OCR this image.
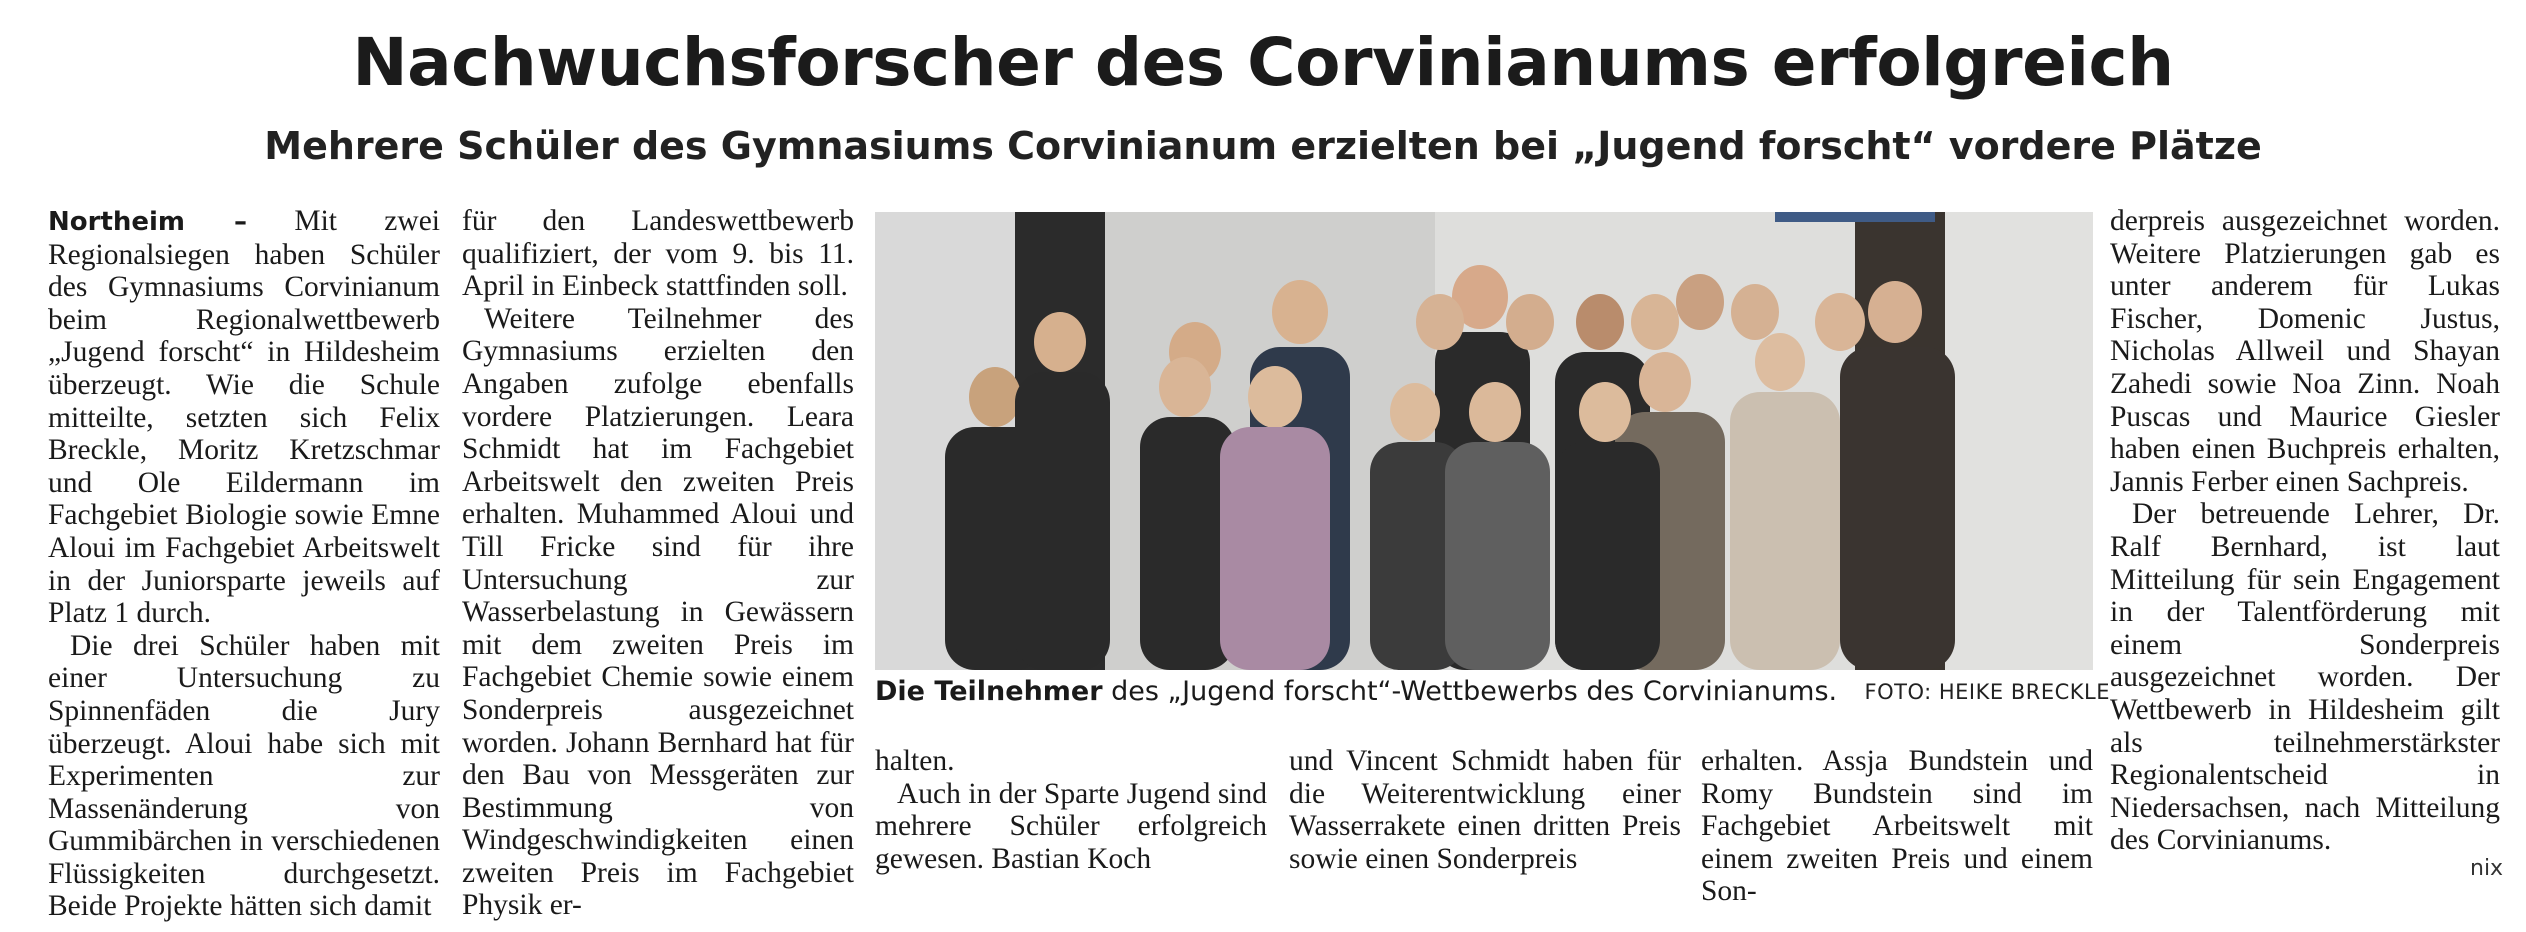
Nachwuchsforscher des Corvinianums erfolgreich
Mehrere Schüler des Gymnasiums Corvinianum erzielten bei „Jugend forscht“ vordere Plätze

Northeim – Mit zwei Regionalsiegen haben Schüler des Gymnasiums Corvinianum beim Regionalwettbewerb „Jugend forscht“ in Hildesheim überzeugt. Wie die Schule mitteilte, setzten sich Felix Breckle, Moritz Kretzschmar und Ole Eildermann im Fachgebiet Biologie sowie Emne Aloui im Fachgebiet Arbeitswelt in der Juniorsparte jeweils auf Platz 1 durch.

Die drei Schüler haben mit einer Untersuchung zu Spinnenfäden die Jury überzeugt. Aloui habe sich mit Experimenten zur Massenänderung von Gummibärchen in verschiedenen Flüssigkeiten durchgesetzt. Beide Projekte hätten sich damit

für den Landeswettbewerb qualifiziert, der vom 9. bis 11. April in Einbeck stattfinden soll.

Weitere Teilnehmer des Gymnasiums erzielten den Angaben zufolge ebenfalls vordere Platzierungen. Leara Schmidt hat im Fachgebiet Arbeitswelt den zweiten Preis erhalten. Muhammed Aloui und Till Fricke sind für ihre Untersuchung zur Wasserbelastung in Gewässern mit dem zweiten Preis im Fachgebiet Chemie sowie einem Sonderpreis ausgezeichnet worden. Johann Bernhard hat für den Bau von Messgeräten zur Bestimmung von Windgeschwindigkeiten einen zweiten Preis im Fachgebiet Physik er-

Die Teilnehmer des „Jugend forscht“-Wettbewerbs des Corvinianums. FOTO: HEIKE BRECKLE

halten.

Auch in der Sparte Jugend sind mehrere Schüler erfolgreich gewesen. Bastian Koch

und Vincent Schmidt haben für die Weiterentwicklung einer Wasserrakete einen dritten Preis sowie einen Sonderpreis

erhalten. Assja Bundstein und Romy Bundstein sind im Fachgebiet Arbeitswelt mit einem zweiten Preis und einem Son-

derpreis ausgezeichnet worden. Weitere Platzierungen gab es unter anderem für Lukas Fischer, Domenic Justus, Nicholas Allweil und Shayan Zahedi sowie Noa Zinn. Noah Puscas und Maurice Giesler haben einen Buchpreis erhalten, Jannis Ferber einen Sachpreis.

Der betreuende Lehrer, Dr. Ralf Bernhard, ist laut Mitteilung für sein Engagement in der Talentförderung mit einem Sonderpreis ausgezeichnet worden. Der Wettbewerb in Hildesheim gilt als teilnehmerstärkster Regionalentscheid in Niedersachsen, nach Mitteilung des Corvinianums.

nix
